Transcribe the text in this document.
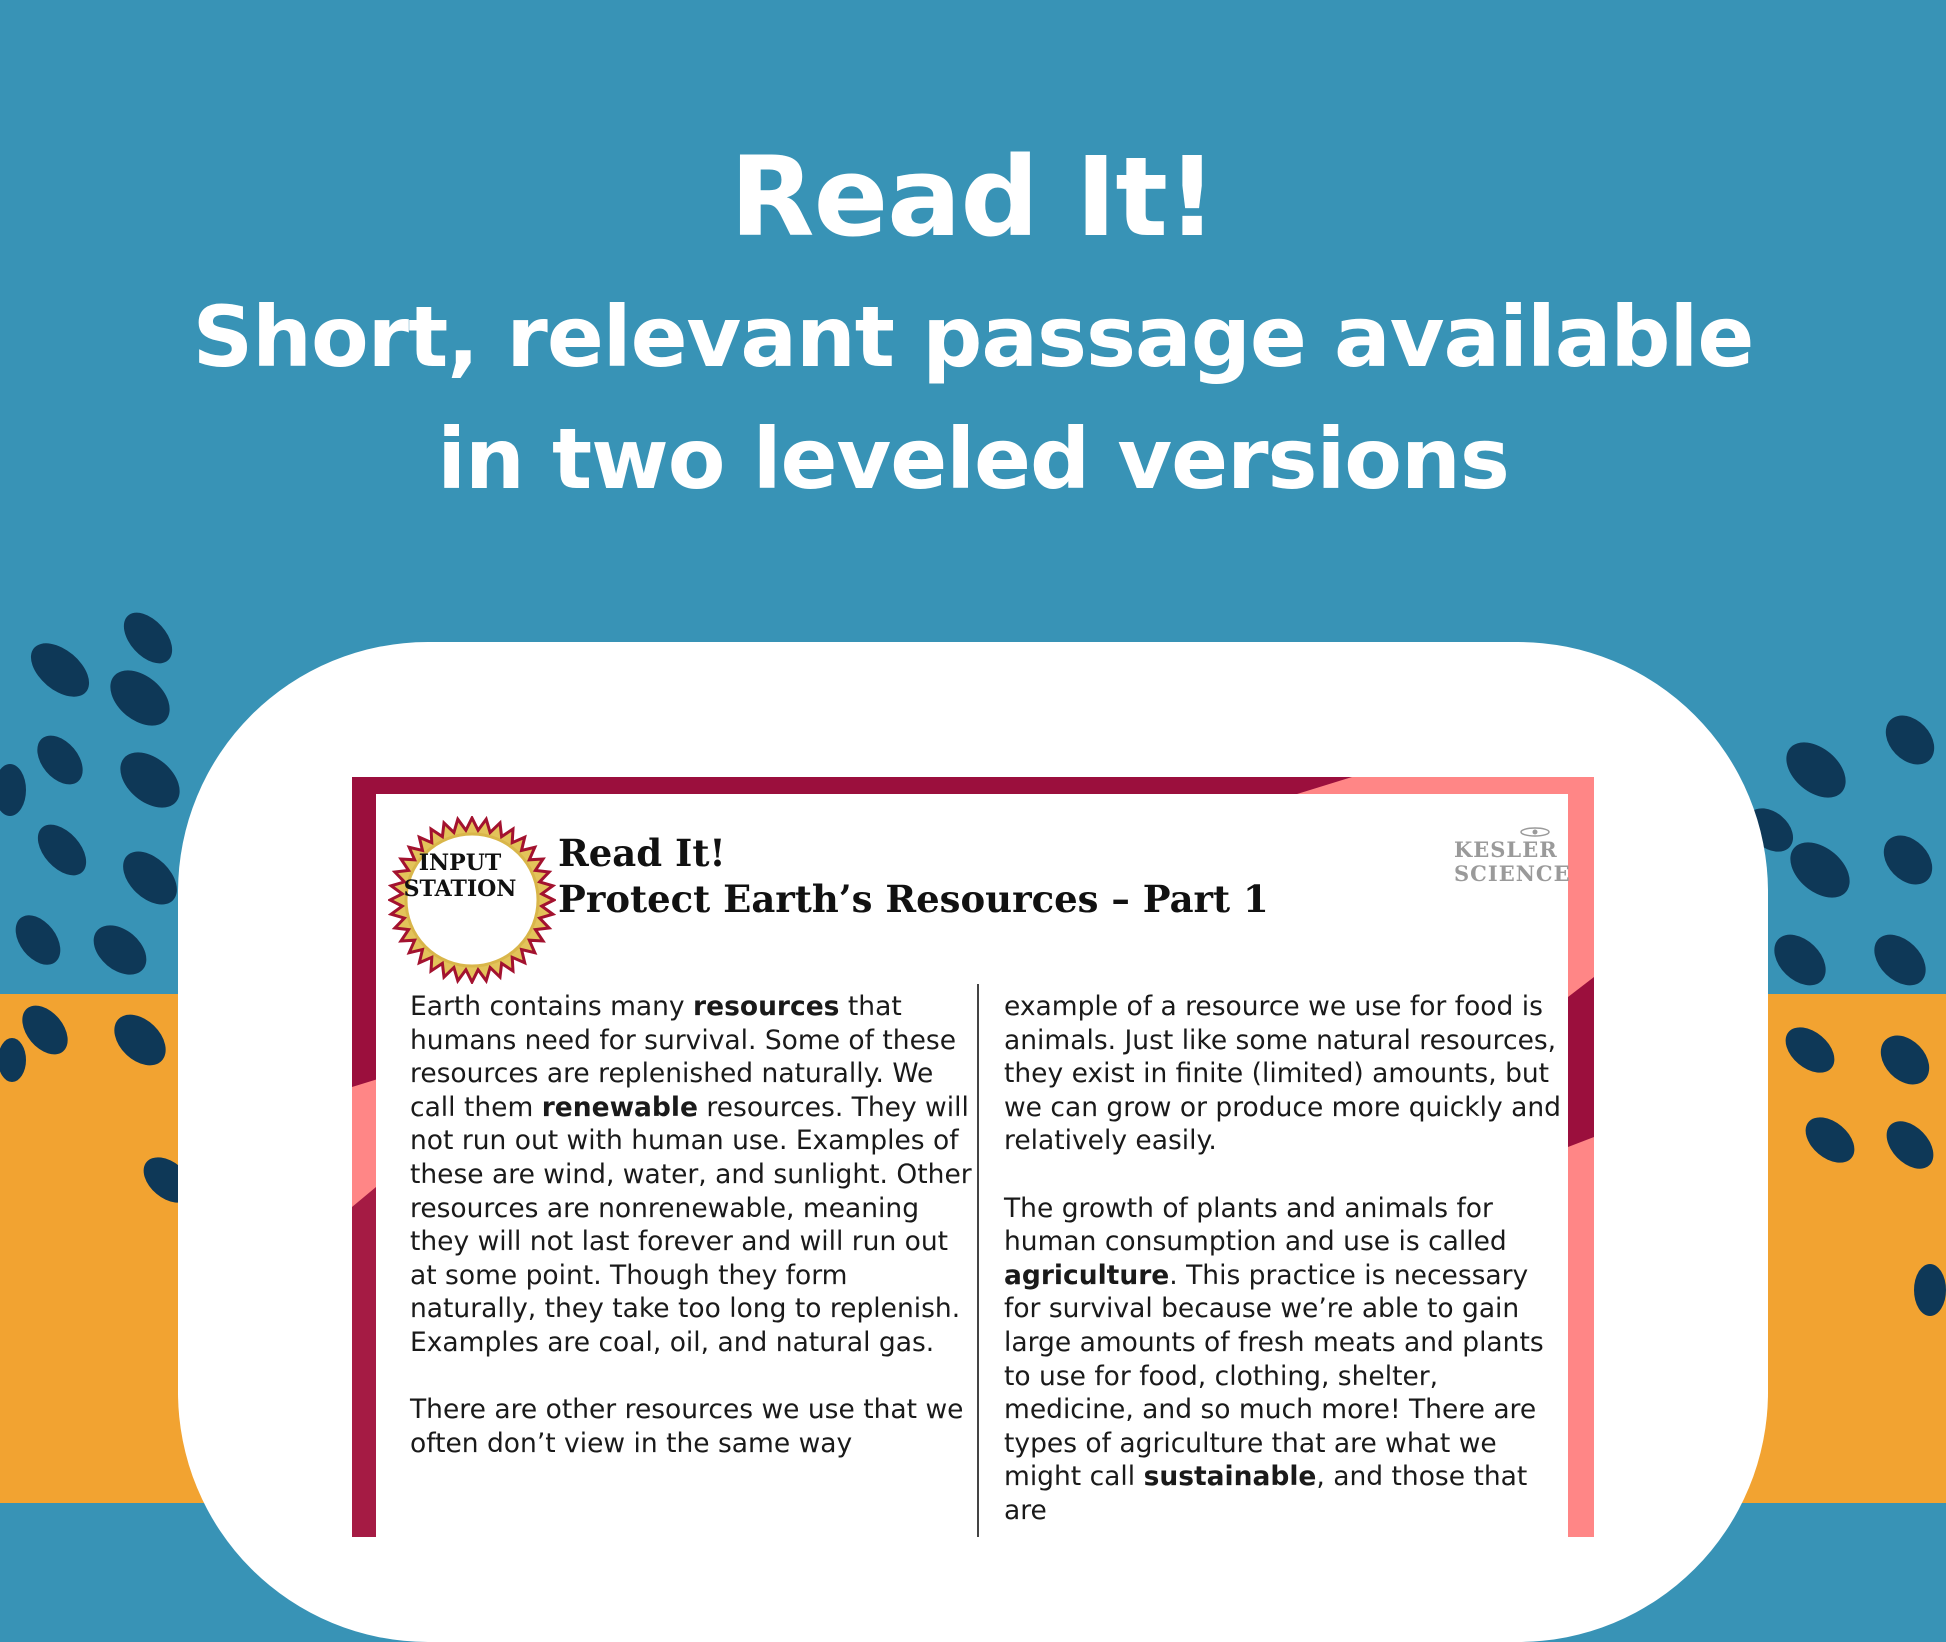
Read It!
Short, relevant passage available
in two leveled versions
INPUT
STATION
Read It!
Protect Earth’s Resources – Part 1
KESLER
SCIENCE

Earth contains many resources that humans need for survival. Some of these resources are replenished naturally. We call them renewable resources. They will not run out with human use. Examples of these are wind, water, and sunlight. Other resources are nonrenewable, meaning they will not last forever and will run out at some point. Though they form naturally, they take too long to replenish. Examples are coal, oil, and natural gas.

There are other resources we use that we often don’t view in the same way

example of a resource we use for food is animals. Just like some natural resources, they exist in finite (limited) amounts, but we can grow or produce more quickly and relatively easily.

The growth of plants and animals for human consumption and use is called agriculture. This practice is necessary for survival because we’re able to gain large amounts of fresh meats and plants to use for food, clothing, shelter, medicine, and so much more! There are types of agriculture that are what we might call sustainable, and those that are
